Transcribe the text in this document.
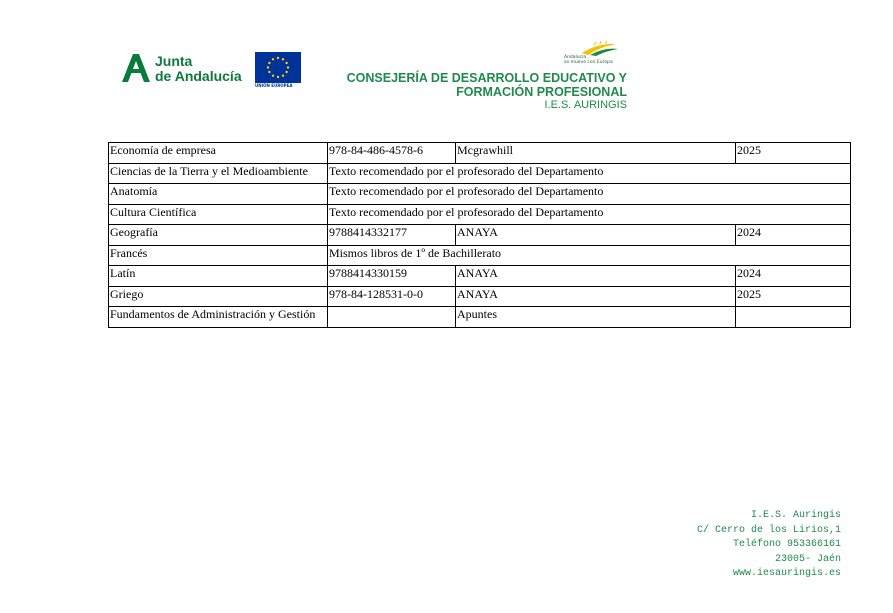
Junta
de Andalucía
UNIÓN EUROPEA
Andalucía
se mueve con Europa
CONSEJERÍA DE DESARROLLO EDUCATIVO Y
FORMACIÓN PROFESIONAL
I.E.S. AURINGIS
Economía de empresa	978-84-486-4578-6	Mcgrawhill	2025
Ciencias de la Tierra y el Medioambiente	Texto recomendado por el profesorado del Departamento		
Anatomía	Texto recomendado por el profesorado del Departamento		
Cultura Científica	Texto recomendado por el profesorado del Departamento		
Geografía	9788414332177	ANAYA	2024
Francés	Mismos libros de 1º de Bachillerato		
Latín	9788414330159	ANAYA	2024
Griego	978-84-128531-0-0	ANAYA	2025

Fundamentos de Administración y Gestión		Apuntes	
I.E.S. Auringis
C/ Cerro de los Lirios,1
Teléfono 953366161
23005- Jaén
www.iesauringis.es
